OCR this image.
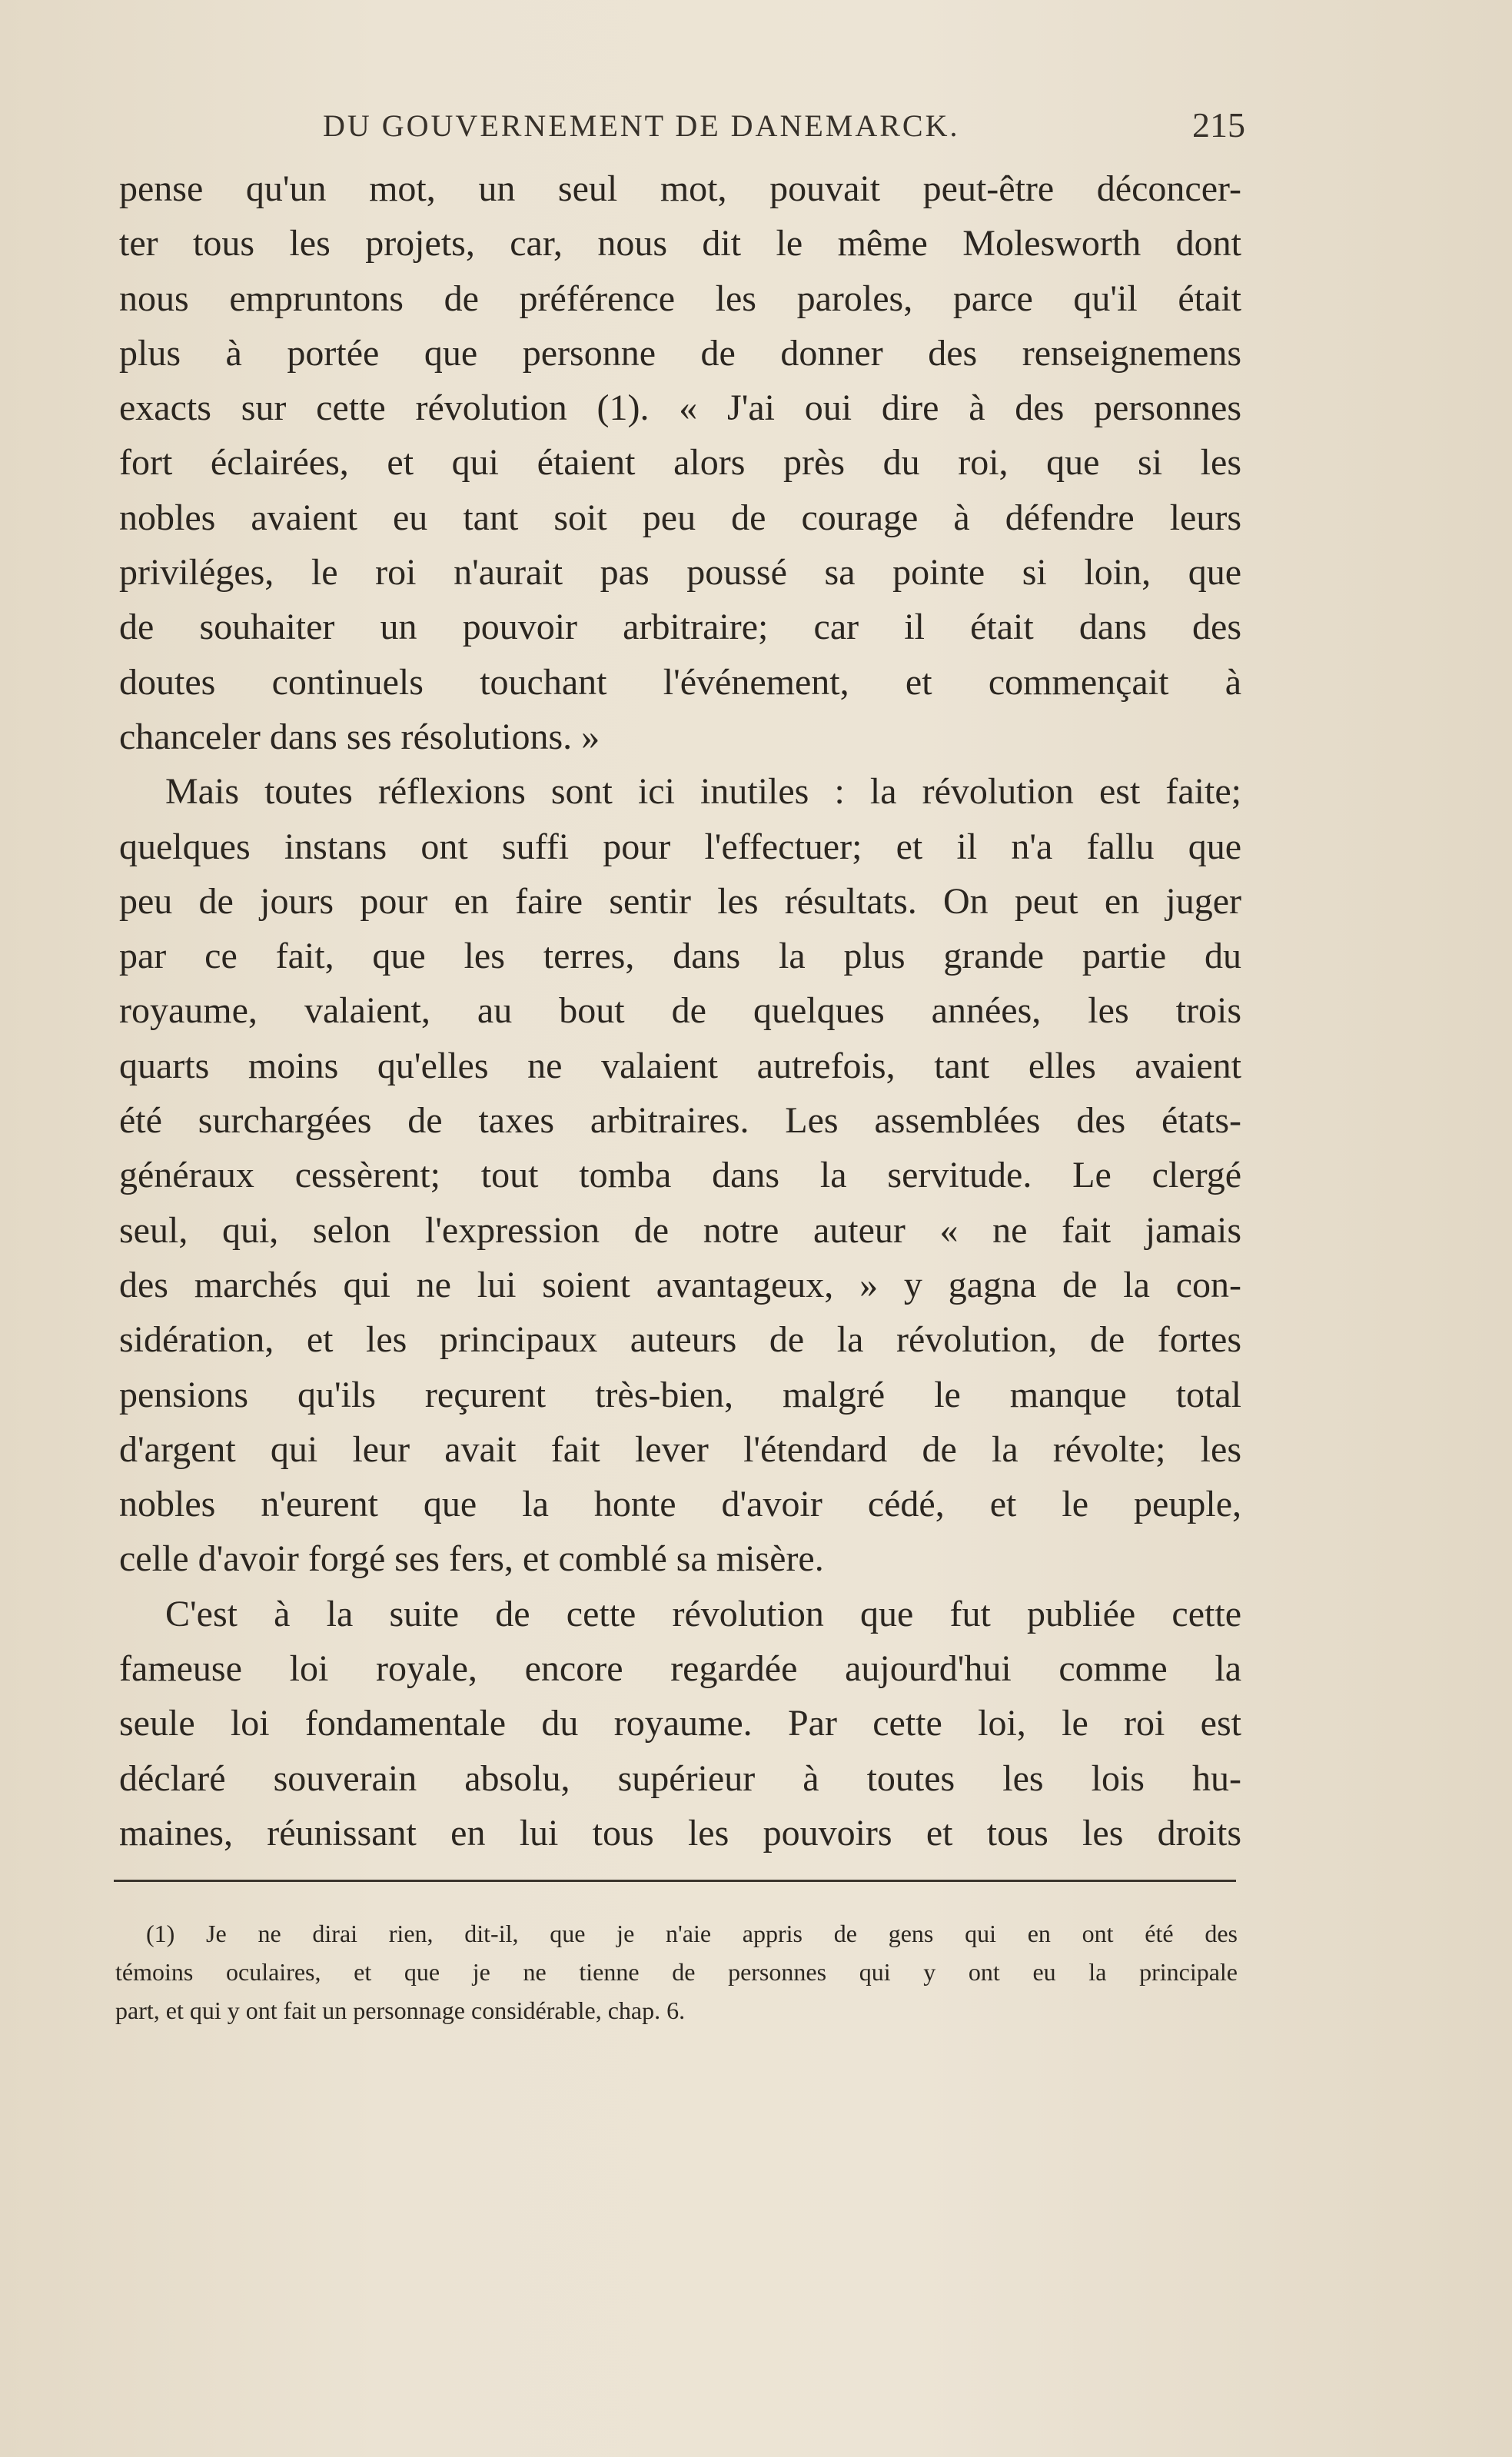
DU GOUVERNEMENT DE DANEMARCK.	215
pense qu'un mot, un seul mot, pouvait peut-être déconcer-
ter tous les projets, car, nous dit le même Molesworth dont
nous empruntons de préférence les paroles, parce qu'il était
plus à portée que personne de donner des renseignemens
exacts sur cette révolution (1). « J'ai oui dire à des personnes
fort éclairées, et qui étaient alors près du roi, que si les
nobles avaient eu tant soit peu de courage à défendre leurs
priviléges, le roi n'aurait pas poussé sa pointe si loin, que
de souhaiter un pouvoir arbitraire; car il était dans des
doutes continuels touchant l'événement, et commençait à
chanceler dans ses résolutions. »
Mais toutes réflexions sont ici inutiles : la révolution est faite;
quelques instans ont suffi pour l'effectuer; et il n'a fallu que
peu de jours pour en faire sentir les résultats. On peut en juger
par ce fait, que les terres, dans la plus grande partie du
royaume, valaient, au bout de quelques années, les trois
quarts moins qu'elles ne valaient autrefois, tant elles avaient
été surchargées de taxes arbitraires. Les assemblées des états-
généraux cessèrent; tout tomba dans la servitude. Le clergé
seul, qui, selon l'expression de notre auteur « ne fait jamais
des marchés qui ne lui soient avantageux, » y gagna de la con-
sidération, et les principaux auteurs de la révolution, de fortes
pensions qu'ils reçurent très-bien, malgré le manque total
d'argent qui leur avait fait lever l'étendard de la révolte; les
nobles n'eurent que la honte d'avoir cédé, et le peuple,
celle d'avoir forgé ses fers, et comblé sa misère.
C'est à la suite de cette révolution que fut publiée cette
fameuse loi royale, encore regardée aujourd'hui comme la
seule loi fondamentale du royaume. Par cette loi, le roi est
déclaré souverain absolu, supérieur à toutes les lois hu-
maines, réunissant en lui tous les pouvoirs et tous les droits
(1) Je ne dirai rien, dit-il, que je n'aie appris de gens qui en ont été des
témoins oculaires, et que je ne tienne de personnes qui y ont eu la principale
part, et qui y ont fait un personnage considérable, chap. 6.
